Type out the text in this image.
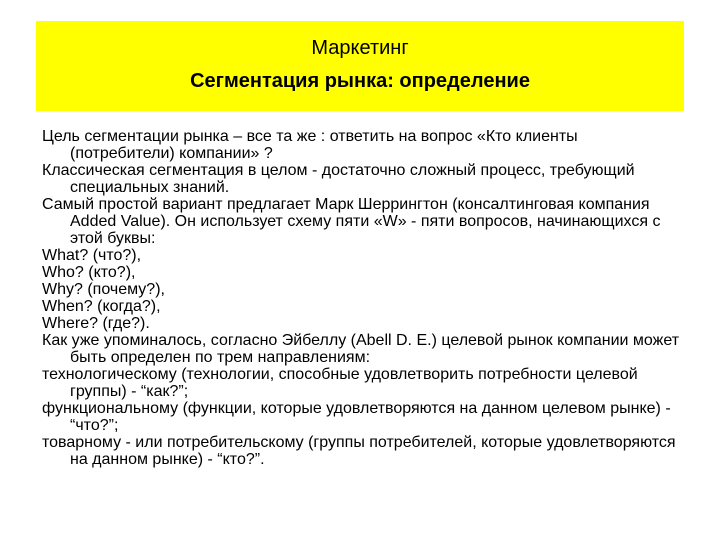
Маркетинг
Сегментация рынка: определение

Цель сегментации рынка – все та же : ответить на вопрос «Кто клиенты (потребители) компании» ?

Классическая сегментация в целом - достаточно сложный процесс, требующий специальных знаний.

Самый простой вариант предлагает Марк Шеррингтон (консалтинговая компания Added Value). Он использует схему пяти «W» - пяти вопросов, начинающихся с этой буквы:

What? (что?),

Who? (кто?),

Why? (почему?),

When? (когда?),

Where? (где?).

Как уже упоминалось, согласно Эйбеллу (Abell D. E.) целевой рынок компании может быть определен по трем направлениям:

технологическому (технологии, способные удовлетворить потребности целевой группы) - “как?”;

функциональному (функции, которые удовлетворяются на данном целевом рынке) - “что?”;

товарному - или потребительскому (группы потребителей, которые удовлетворяются на данном рынке) - “кто?”.
